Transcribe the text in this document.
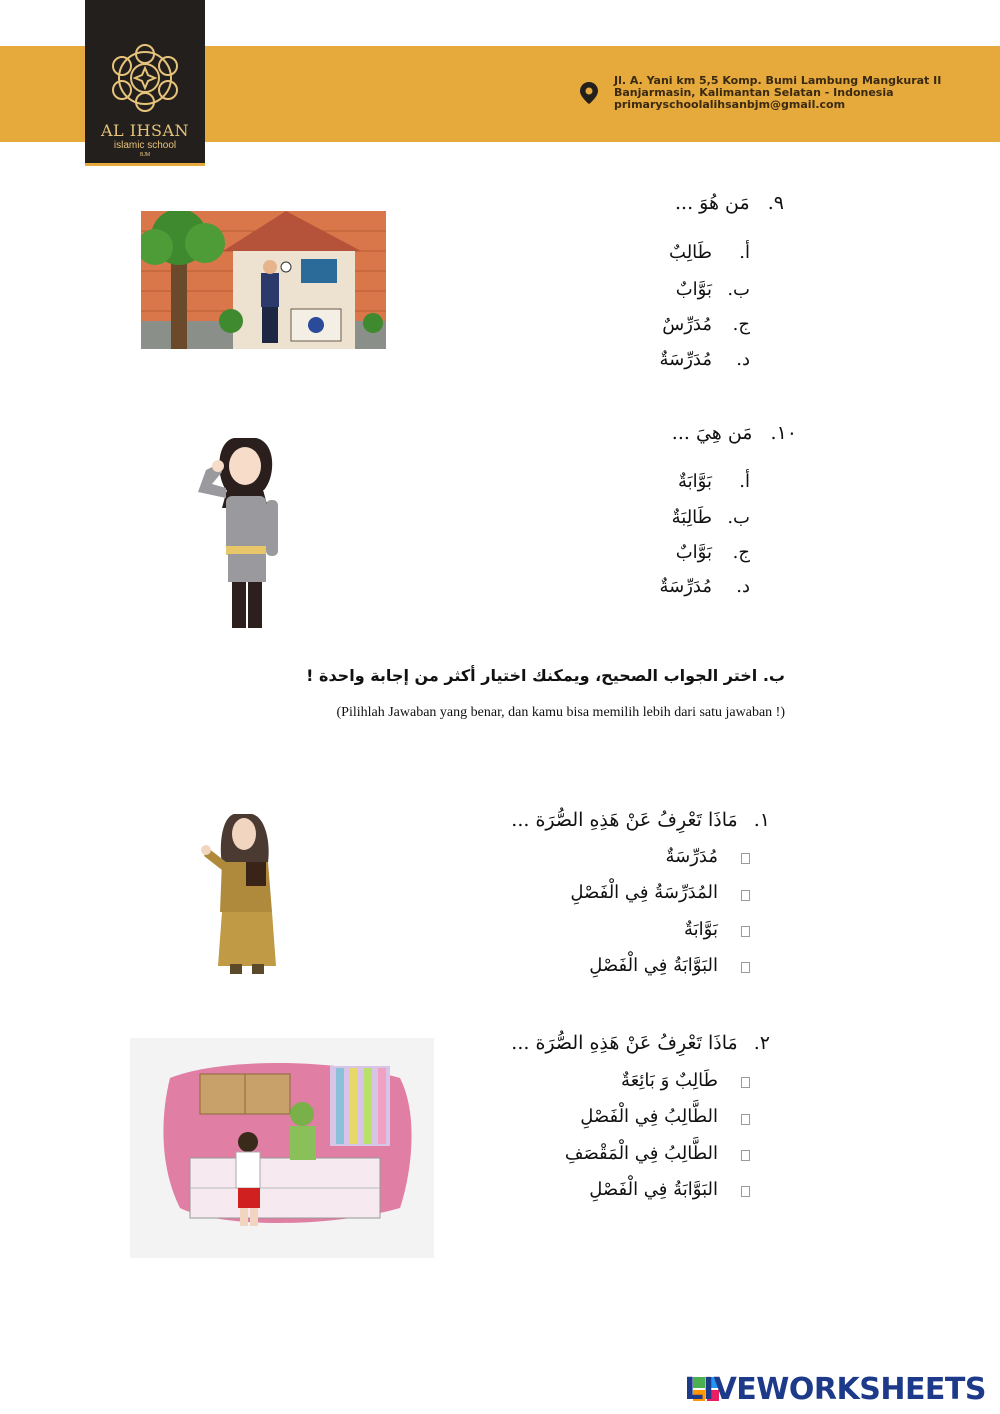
AL IHSAN
islamic school
BJM
Jl. A. Yani km 5,5 Komp. Bumi Lambung Mangkurat II
Banjarmasin, Kalimantan Selatan - Indonesia
primaryschoolalihsanbjm@gmail.com
٩. مَن هُوَ ...
أ.طَالِبٌ
ب.بَوَّابٌ
ج.مُدَرِّسٌ
د.مُدَرِّسَةٌ
١٠. مَن هِيَ ...
أ.بَوَّابَةٌ
ب.طَالِبَةٌ
ج.بَوَّابٌ
د.مُدَرِّسَةٌ
ب. اختر الجواب الصحيح، ويمكنك اختيار أكثر من إجابة واحدة !
(Pilihlah Jawaban yang benar, dan kamu bisa memilih lebih dari satu jawaban !)
١. مَاذَا تَعْرِفُ عَنْ هَذِهِ الصُّرَة ...
مُدَرِّسَةٌ
المُدَرِّسَةُ فِي الْفَصْلِ
بَوَّابَةٌ
البَوَّابَةُ فِي الْفَصْلِ
٢. مَاذَا تَعْرِفُ عَنْ هَذِهِ الصُّرَة ...
طَالِبٌ وَ بَائِعَةٌ
الطَّالِبُ فِي الْفَصْلِ
الطَّالِبُ فِي الْمَقْصَفِ
البَوَّابَةُ فِي الْفَصْلِ
LIVEWORKSHEETS
